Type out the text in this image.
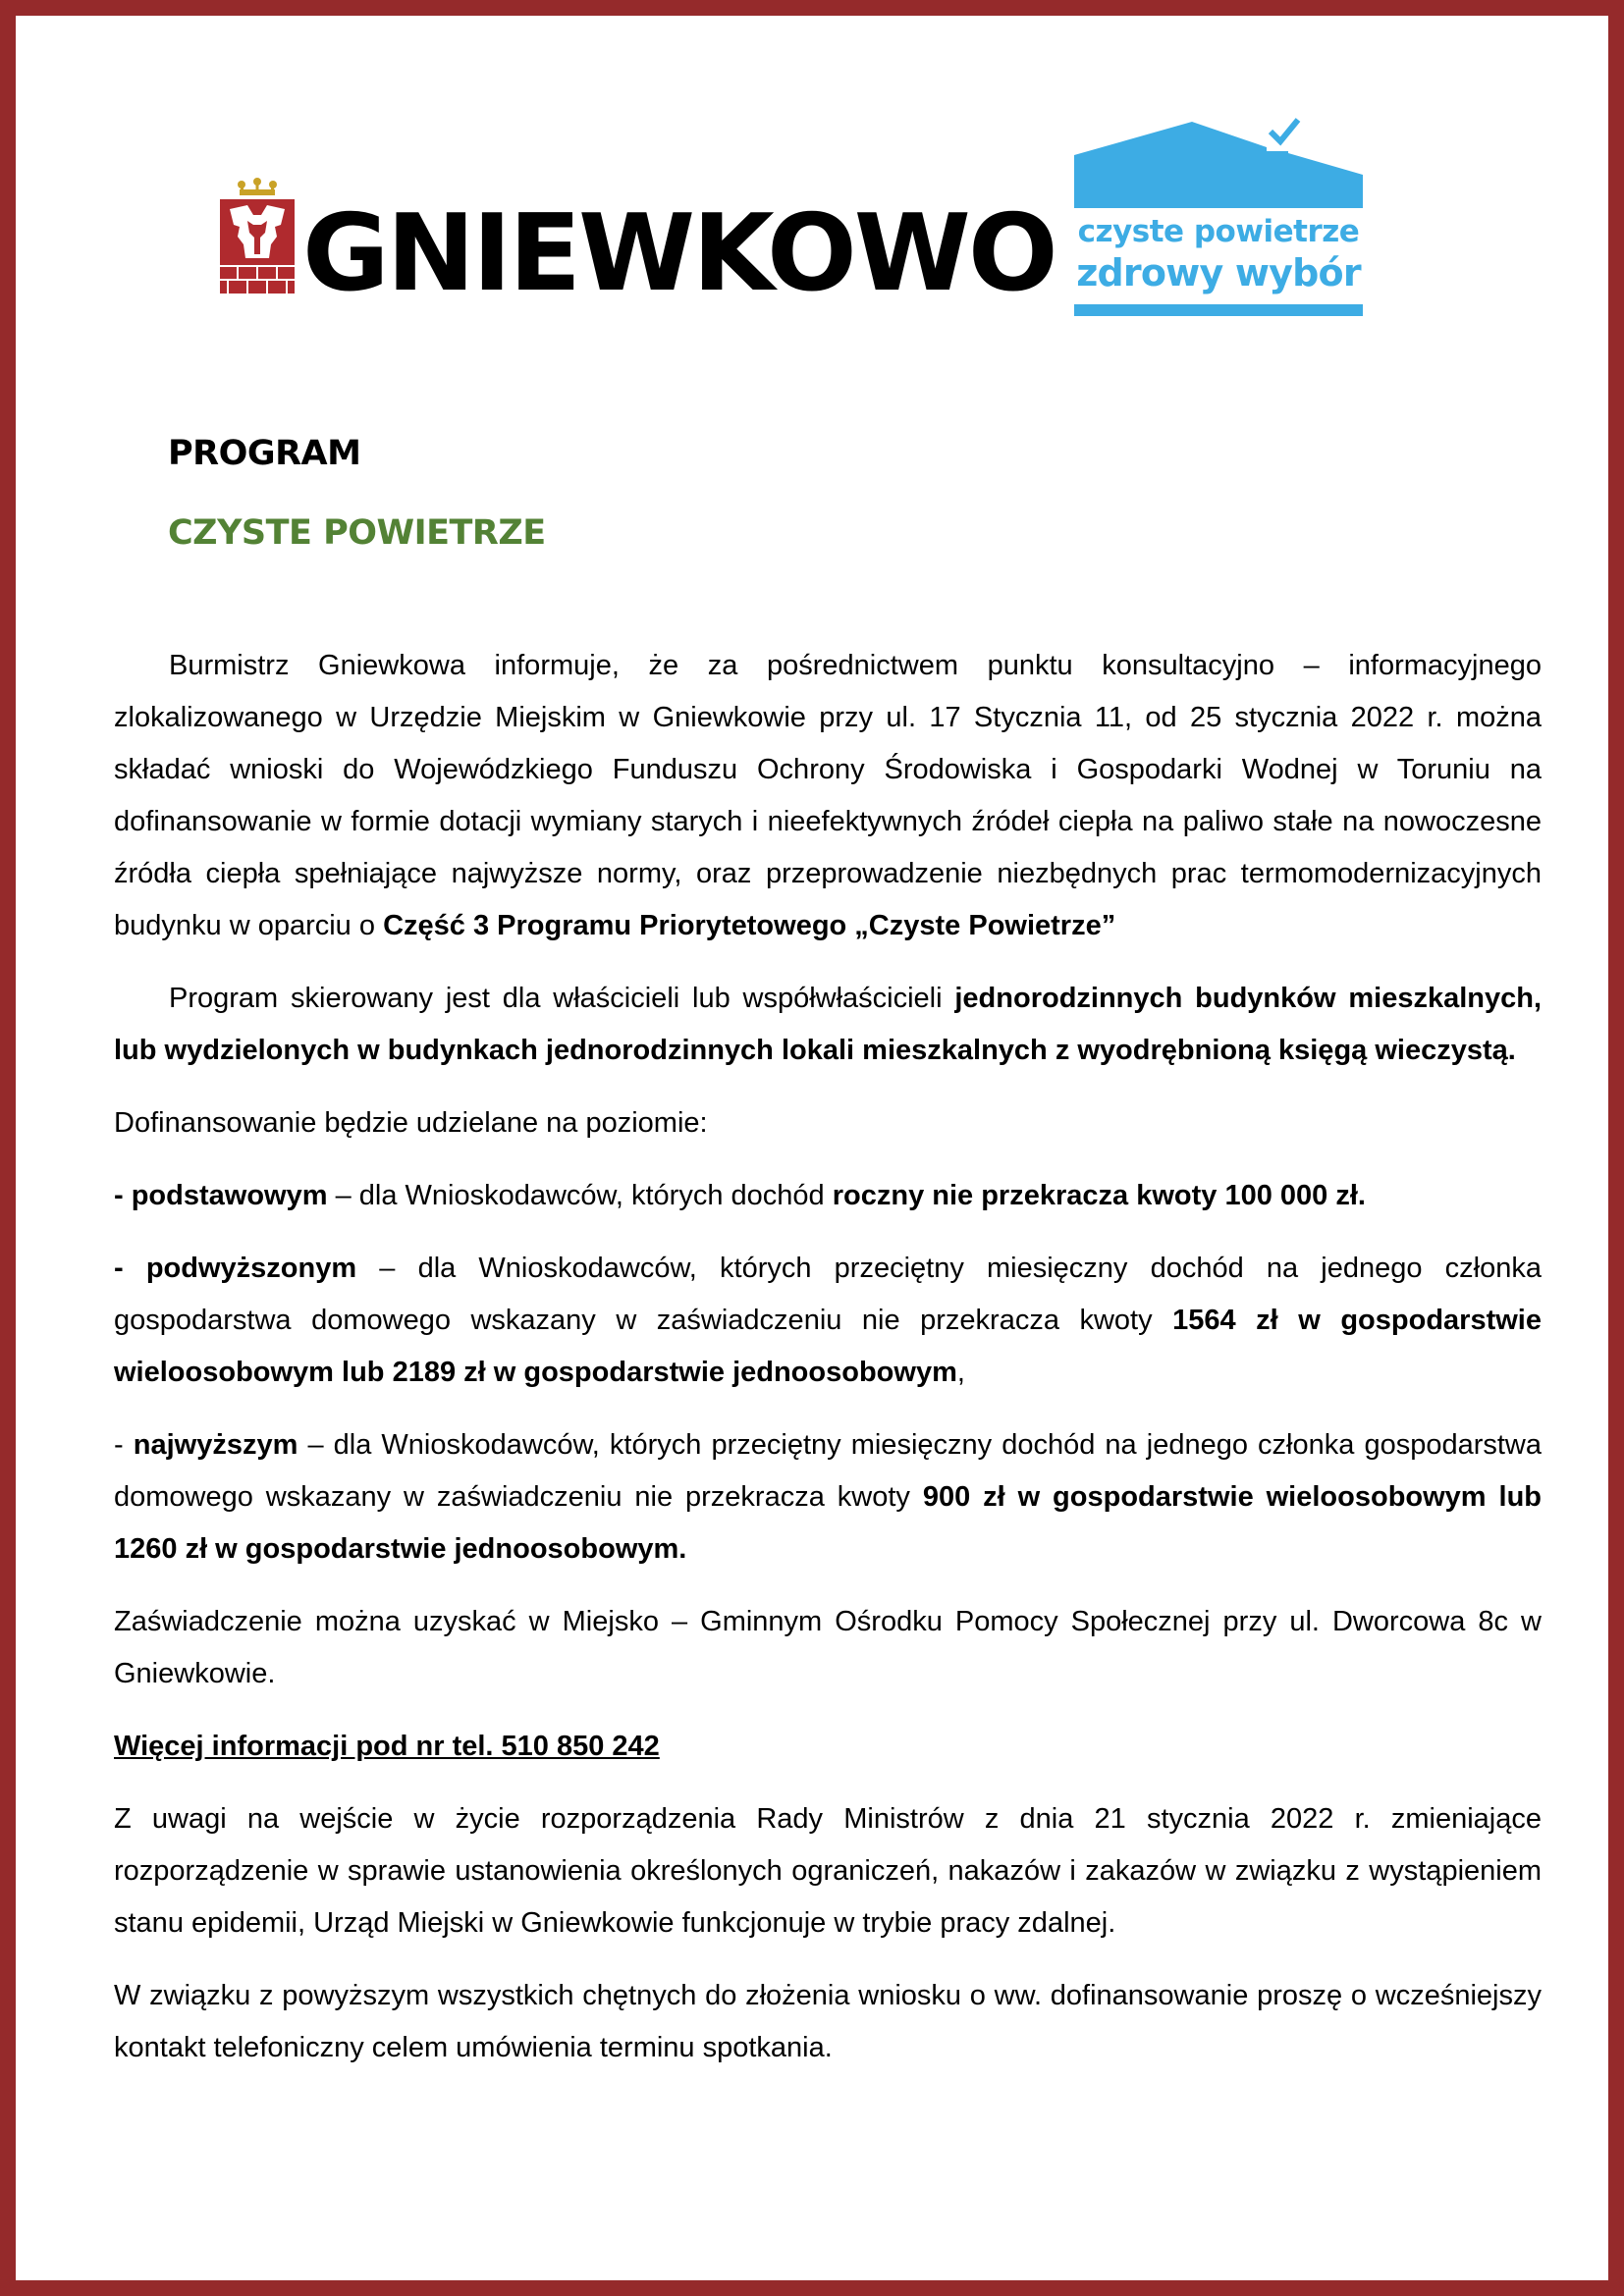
GNIEWKOWO czyste powietrze
zdrowy wybór
PROGRAM
CZYSTE POWIETRZE

Burmistrz Gniewkowa informuje, że za pośrednictwem punktu konsultacyjno – informacyjnego zlokalizowanego w Urzędzie Miejskim w Gniewkowie przy ul. 17 Stycznia 11, od 25 stycznia 2022 r. można składać wnioski do Wojewódzkiego Funduszu Ochrony Środowiska i Gospodarki Wodnej w Toruniu na dofinansowanie w formie dotacji wymiany starych i nieefektywnych źródeł ciepła na paliwo stałe na nowoczesne źródła ciepła spełniające najwyższe normy, oraz przeprowadzenie niezbędnych prac termomodernizacyjnych budynku w oparciu o Część 3 Programu Priorytetowego „Czyste Powietrze”

Program skierowany jest dla właścicieli lub współwłaścicieli jednorodzinnych budynków mieszkalnych, lub wydzielonych w budynkach jednorodzinnych lokali mieszkalnych z wyodrębnioną księgą wieczystą.

Dofinansowanie będzie udzielane na poziomie:

- podstawowym – dla Wnioskodawców, których dochód roczny nie przekracza kwoty 100 000 zł.

- podwyższonym – dla Wnioskodawców, których przeciętny miesięczny dochód na jednego członka gospodarstwa domowego wskazany w zaświadczeniu nie przekracza kwoty 1564 zł w gospodarstwie wieloosobowym lub 2189 zł w gospodarstwie jednoosobowym,

- najwyższym – dla Wnioskodawców, których przeciętny miesięczny dochód na jednego członka gospodarstwa domowego wskazany w zaświadczeniu nie przekracza kwoty 900 zł w gospodarstwie wieloosobowym lub 1260 zł w gospodarstwie jednoosobowym.

Zaświadczenie można uzyskać w Miejsko – Gminnym Ośrodku Pomocy Społecznej przy ul. Dworcowa 8c w Gniewkowie.

Więcej informacji pod nr tel. 510 850 242

Z uwagi na wejście w życie rozporządzenia Rady Ministrów z dnia 21 stycznia 2022 r. zmieniające rozporządzenie w sprawie ustanowienia określonych ograniczeń, nakazów i zakazów w związku z wystąpieniem stanu epidemii, Urząd Miejski w Gniewkowie funkcjonuje w trybie pracy zdalnej.

W związku z powyższym wszystkich chętnych do złożenia wniosku o ww. dofinansowanie proszę o wcześniejszy kontakt telefoniczny celem umówienia terminu spotkania.
